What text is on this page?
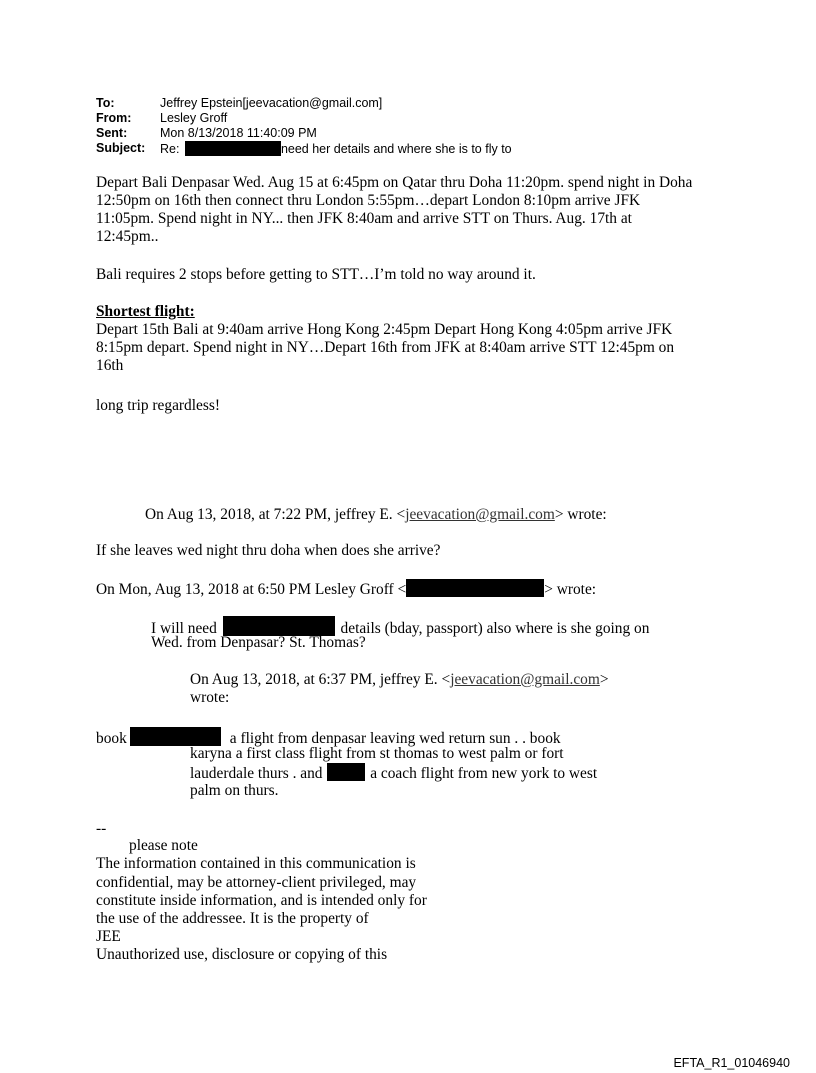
To:	Jeffrey Epstein[jeevacation@gmail.com]
From: Lesley Groff
Sent:	Mon 8/13/2018 11:40:09 PM
Subject: Re:	need her details and where she is to fly to
Depart Bali Denpasar Wed. Aug 15 at 6:45pm on Qatar thru Doha 11:20pm. spend night in Doha
12:50pm on 16th then connect thru London 5:55pm…depart London 8:10pm arrive JFK
11:05pm. Spend night in NY... then JFK 8:40am and arrive STT on Thurs. Aug. 17th at
12:45pm..
Bali requires 2 stops before getting to STT…I’m told no way around it.
Shortest flight:
Depart 15th Bali at 9:40am arrive Hong Kong 2:45pm Depart Hong Kong 4:05pm arrive JFK
8:15pm depart. Spend night in NY…Depart 16th from JFK at 8:40am arrive STT 12:45pm on
16th
long trip regardless!
On Aug 13, 2018, at 7:22 PM, jeffrey E. <jeevacation@gmail.com> wrote:
If she leaves wed night thru doha when does she arrive?
On Mon, Aug 13, 2018 at 6:50 PM Lesley Groff <	> wrote:
I will need	details (bday, passport) also where is she going on
Wed. from Denpasar? St. Thomas?
On Aug 13, 2018, at 6:37 PM, jeffrey E. <jeevacation@gmail.com>
wrote:
book	a flight from denpasar leaving wed return sun . . book
karyna a first class flight from st thomas to west palm or fort
lauderdale thurs . and	a coach flight from new york to west
palm on thurs.
--
please note
The information contained in this communication is
confidential, may be attorney-client privileged, may
constitute inside information, and is intended only for
the use of the addressee. It is the property of
JEE
Unauthorized use, disclosure or copying of this
EFTA_R1_01046940
